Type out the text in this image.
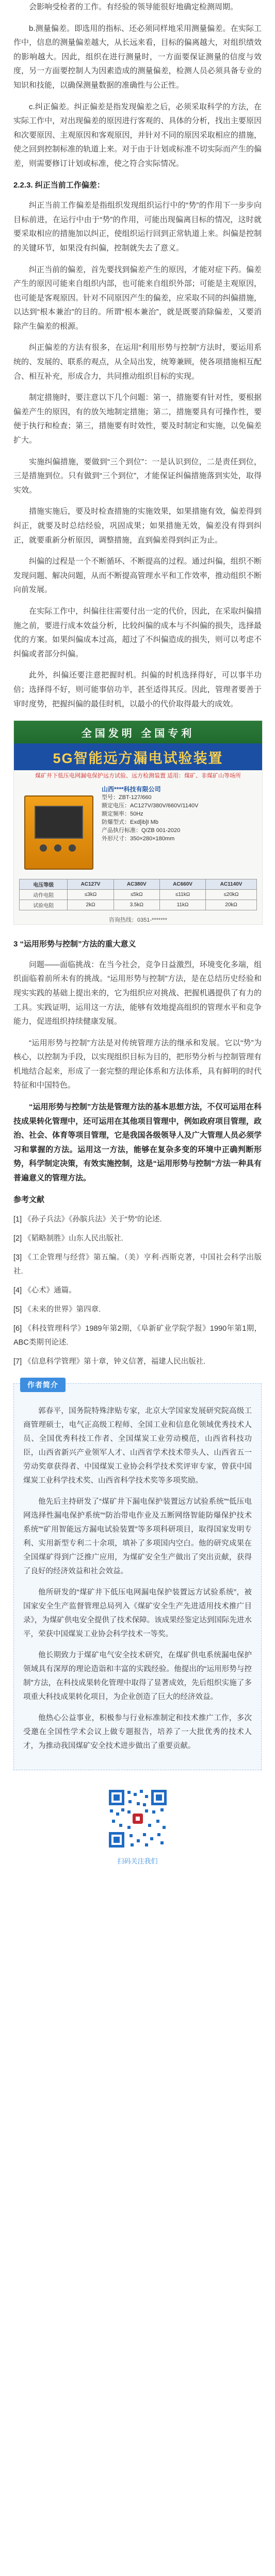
会影响受检者的工作。有经验的领导能很好地确定检测周期。

b.测量偏差。即选用的指标、还必须同样地采用测量偏差。在实际工作中，信息的测量偏差越大，从长远来看，目标的偏离越大，对组织绩效的影响越大。因此，组织在进行测量时，一方面要保证测量的信度与效度，另一方面要控制人为因素造成的测量偏差，检测人员必须具备专业的知识和技能，以确保测量数据的准确性与公正性。

c.纠正偏差。纠正偏差是指发现偏差之后，必须采取科学的方法，在实际工作中，对出现偏差的原因进行客观的、具体的分析，找出主要原因和次要原因、主观原因和客观原因，并针对不同的原因采取相应的措施，使之回到控制标准的轨道上来。对于由于计划或标准不切实际而产生的偏差，则需要修订计划或标准，使之符合实际情况。

2.2.3. 纠正当前工作偏差：

纠正当前工作偏差是指组织发现组织运行中的“势”的作用下一步步向目标前进，在运行中由于“势”的作用，可能出现偏离目标的情况，这时就要采取相应的措施加以纠正，使组织运行回到正常轨道上来。纠偏是控制的关键环节，如果没有纠偏，控制就失去了意义。

纠正当前的偏差，首先要找到偏差产生的原因，才能对症下药。偏差产生的原因可能来自组织内部，也可能来自组织外部；可能是主观原因，也可能是客观原因。针对不同原因产生的偏差，应采取不同的纠偏措施，以达到“根本兼治”的目的。所谓“根本兼治”，就是既要消除偏差，又要消除产生偏差的根源。

纠正偏差的方法有很多，在运用“利用形势与控制”方法时，要运用系统的、发展的、联系的观点，从全局出发，统筹兼顾，使各项措施相互配合、相互补充，形成合力，共同推动组织目标的实现。

制定措施时，要注意以下几个问题：第一，措施要有针对性，要根据偏差产生的原因，有的放矢地制定措施；第二，措施要具有可操作性，要便于执行和检查；第三，措施要有时效性，要及时制定和实施，以免偏差扩大。

实施纠偏措施，要做到“三个到位”：一是认识到位，二是责任到位，三是措施到位。只有做到“三个到位”，才能保证纠偏措施落到实处，取得实效。

措施实施后，要及时检查措施的实施效果，如果措施有效，偏差得到纠正，就要及时总结经验，巩固成果；如果措施无效，偏差没有得到纠正，就要重新分析原因，调整措施，直到偏差得到纠正为止。

纠偏的过程是一个不断循环、不断提高的过程。通过纠偏，组织不断发现问题、解决问题，从而不断提高管理水平和工作效率，推动组织不断向前发展。

在实际工作中，纠偏往往需要付出一定的代价，因此，在采取纠偏措施之前，要进行成本效益分析，比较纠偏的成本与不纠偏的损失，选择最优的方案。如果纠偏成本过高，超过了不纠偏造成的损失，则可以考虑不纠偏或者部分纠偏。

此外，纠偏还要注意把握时机。纠偏的时机选择得好，可以事半功倍；选择得不好，则可能事倍功半，甚至适得其反。因此，管理者要善于审时度势，把握纠偏的最佳时机，以最小的代价取得最大的成效。

全国发明 全国专利
5G智能远方漏电试验装置
煤矿井下低压电网漏电保护远方试验、远方检测装置 适用：煤矿、非煤矿山等场所
山西****科技有限公司
型号：ZBT-127/660
额定电压：AC127V/380V/660V/1140V
额定频率：50Hz
防爆型式：Exd[ib]I Mb
产品执行标准：Q/ZB 001-2020
外形尺寸：350×280×180mm
电压等级	AC127V	AC380V	AC660V	AC1140V
动作电阻	≤3kΩ	≤5kΩ	≤11kΩ	≤20kΩ
试验电阻	2kΩ	3.5kΩ	11kΩ	20kΩ
咨询热线：0351-*******
3 “运用形势与控制”方法的重大意义

问题——面临挑战：在当今社会，竞争日益激烈，环境变化多端，组织面临着前所未有的挑战。“运用形势与控制”方法，是在总结历史经验和现实实践的基础上提出来的，它为组织应对挑战、把握机遇提供了有力的工具。实践证明，运用这一方法，能够有效地提高组织的管理水平和竞争能力，促进组织持续健康发展。

“运用形势与控制”方法是对传统管理方法的继承和发展。它以“势”为核心，以控制为手段，以实现组织目标为目的，把形势分析与控制管理有机地结合起来，形成了一套完整的理论体系和方法体系，具有鲜明的时代特征和中国特色。

“运用形势与控制”方法是管理方法的基本思想方法，不仅可运用在科技成果转化管理中，还可运用在其他项目管理中，例如政府项目管理，政治、社会、体育等项目管理，它是我国各级领导人及广大管理人员必须学习和掌握的方法。运用这一方法，能够在复杂多变的环境中正确判断形势，科学制定决策，有效实施控制，这是“运用形势与控制”方法一种具有普遍意义的管理方法。

参考文献

[1] 《孙子兵法》《孙膑兵法》关于“势”的论述.

[2] 《韬略制胜》山东人民出版社.

[3] 《工企管理与经营》第五编。（美）亨利·西斯克著，中国社会科学出版社.

[4] 《心术》通篇。

[5] 《未来的世界》第四章.

[6] 《科技管理科学》1989年第2期，《阜新矿业学院学报》1990年第1期，ABC类期刊论述.

[7] 《信息科学管理》第十章，钟义信著，福建人民出版社.

作者简介

郭春平，国务院特殊津贴专家，北京大学国家发展研究院高级工商管理硕士，电气正高级工程师、全国工业和信息化领域优秀技术人员、全国优秀科技工作者、全国煤炭工业劳动模范，山西省科技功臣，山西省新兴产业领军人才、山西省学术技术带头人、山西省五一劳动奖章获得者、中国煤炭工业协会科学技术奖评审专家，曾获中国煤炭工业科学技术奖、山西省科学技术奖等多项奖励。

他先后主持研发了“煤矿井下漏电保护装置远方试验系统”“低压电网选择性漏电保护系统”“防治带电作业及五断网络智能防爆保护技术系统”“矿用智能远方漏电试验装置”等多项科研项目，取得国家发明专利、实用新型专利二十余项，填补了多项国内空白。他的研究成果在全国煤矿得到广泛推广应用，为煤矿安全生产做出了突出贡献，获得了良好的经济效益和社会效益。

他所研发的“煤矿井下低压电网漏电保护装置远方试验系统”，被国家安全生产监督管理总局列入《煤矿安全生产先进适用技术推广目录》，为煤矿供电安全提供了技术保障。该成果经鉴定达到国际先进水平，荣获中国煤炭工业协会科学技术一等奖。

他长期致力于煤矿电气安全技术研究，在煤矿供电系统漏电保护领域具有深厚的理论造诣和丰富的实践经验。他提出的“运用形势与控制”方法，在科技成果转化管理中取得了显著成效，先后组织实施了多项重大科技成果转化项目，为企业创造了巨大的经济效益。

他热心公益事业，积极参与行业标准制定和技术推广工作，多次受邀在全国性学术会议上做专题报告，培养了一大批优秀的技术人才，为推动我国煤矿安全技术进步做出了重要贡献。

扫码关注我们
